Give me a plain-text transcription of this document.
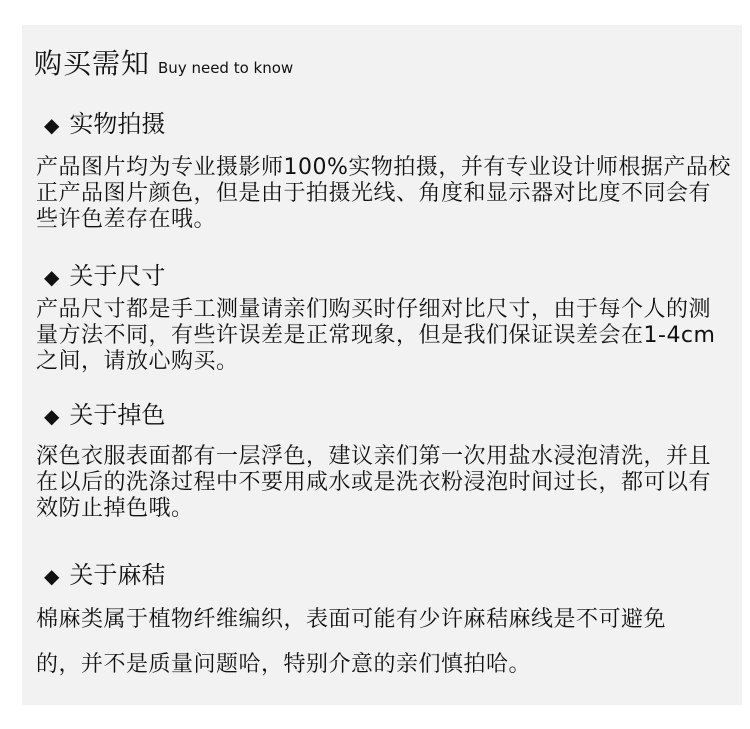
购买需知 Buy need to know
◆ 实物拍摄

产品图片均为专业摄影师100%实物拍摄，并有专业设计师根据产品校正产品图片颜色，但是由于拍摄光线、角度和显示器对比度不同会有些许色差存在哦。

◆ 关于尺寸

产品尺寸都是手工测量请亲们购买时仔细对比尺寸，由于每个人的测量方法不同，有些许误差是正常现象，但是我们保证误差会在1-4cm之间，请放心购买。

◆ 关于掉色

深色衣服表面都有一层浮色，建议亲们第一次用盐水浸泡清洗，并且在以后的洗涤过程中不要用咸水或是洗衣粉浸泡时间过长，都可以有效防止掉色哦。

◆ 关于麻秸

棉麻类属于植物纤维编织，表面可能有少许麻秸麻线是不可避免的，并不是质量问题哈，特别介意的亲们慎拍哈。
